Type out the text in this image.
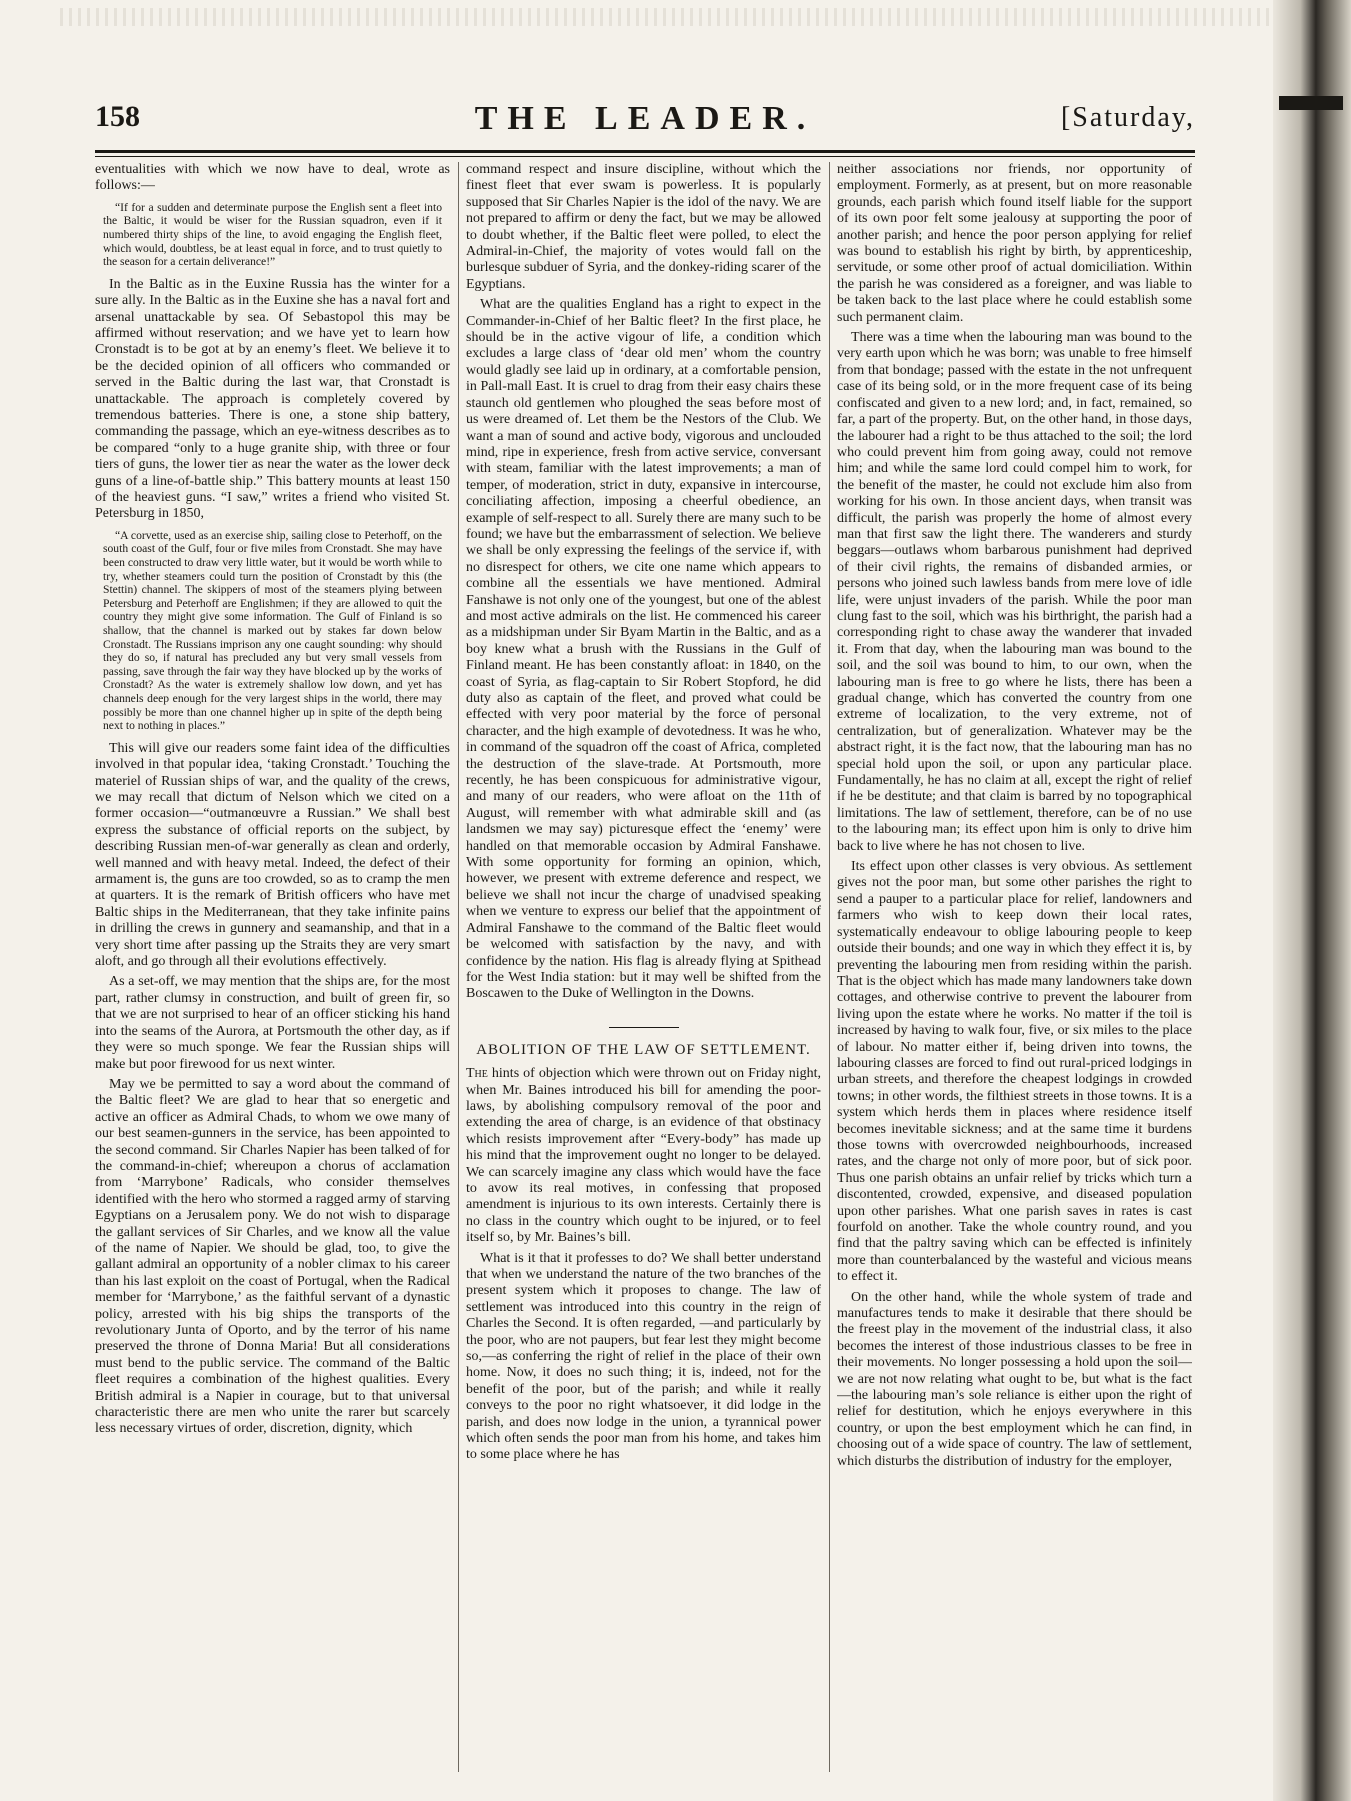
158	THE LEADER.	[Saturday,

eventualities with which we now have to deal, wrote as follows:—

“If for a sudden and determinate purpose the English sent a fleet into the Baltic, it would be wiser for the Russian squadron, even if it numbered thirty ships of the line, to avoid engaging the English fleet, which would, doubtless, be at least equal in force, and to trust quietly to the season for a certain deliverance!”

In the Baltic as in the Euxine Russia has the winter for a sure ally. In the Baltic as in the Euxine she has a naval fort and arsenal unattackable by sea. Of Sebastopol this may be affirmed without reservation; and we have yet to learn how Cronstadt is to be got at by an enemy’s fleet. We believe it to be the decided opinion of all officers who commanded or served in the Baltic during the last war, that Cronstadt is unattackable. The approach is completely covered by tremendous batteries. There is one, a stone ship battery, commanding the passage, which an eye-witness describes as to be compared “only to a huge granite ship, with three or four tiers of guns, the lower tier as near the water as the lower deck guns of a line-of-battle ship.” This battery mounts at least 150 of the heaviest guns. “I saw,” writes a friend who visited St. Petersburg in 1850,

“A corvette, used as an exercise ship, sailing close to Peterhoff, on the south coast of the Gulf, four or five miles from Cronstadt. She may have been constructed to draw very little water, but it would be worth while to try, whether steamers could turn the position of Cronstadt by this (the Stettin) channel. The skippers of most of the steamers plying between Petersburg and Peterhoff are Englishmen; if they are allowed to quit the country they might give some information. The Gulf of Finland is so shallow, that the channel is marked out by stakes far down below Cronstadt. The Russians imprison any one caught sounding: why should they do so, if natural has precluded any but very small vessels from passing, save through the fair way they have blocked up by the works of Cronstadt? As the water is extremely shallow low down, and yet has channels deep enough for the very largest ships in the world, there may possibly be more than one channel higher up in spite of the depth being next to nothing in places.”

This will give our readers some faint idea of the difficulties involved in that popular idea, ‘taking Cronstadt.’ Touching the materiel of Russian ships of war, and the quality of the crews, we may recall that dictum of Nelson which we cited on a former occasion—“outmanœuvre a Russian.” We shall best express the substance of official reports on the subject, by describing Russian men-of-war generally as clean and orderly, well manned and with heavy metal. Indeed, the defect of their armament is, the guns are too crowded, so as to cramp the men at quarters. It is the remark of British officers who have met Baltic ships in the Mediterranean, that they take infinite pains in drilling the crews in gunnery and seamanship, and that in a very short time after passing up the Straits they are very smart aloft, and go through all their evolutions effectively.

As a set-off, we may mention that the ships are, for the most part, rather clumsy in construction, and built of green fir, so that we are not surprised to hear of an officer sticking his hand into the seams of the Aurora, at Portsmouth the other day, as if they were so much sponge. We fear the Russian ships will make but poor firewood for us next winter.

May we be permitted to say a word about the command of the Baltic fleet? We are glad to hear that so energetic and active an officer as Admiral Chads, to whom we owe many of our best seamen-gunners in the service, has been appointed to the second command. Sir Charles Napier has been talked of for the command-in-chief; whereupon a chorus of acclamation from ‘Marrybone’ Radicals, who consider themselves identified with the hero who stormed a ragged army of starving Egyptians on a Jerusalem pony. We do not wish to disparage the gallant services of Sir Charles, and we know all the value of the name of Napier. We should be glad, too, to give the gallant admiral an opportunity of a nobler climax to his career than his last exploit on the coast of Portugal, when the Radical member for ‘Marrybone,’ as the faithful servant of a dynastic policy, arrested with his big ships the transports of the revolutionary Junta of Oporto, and by the terror of his name preserved the throne of Donna Maria! But all considerations must bend to the public service. The command of the Baltic fleet requires a combination of the highest qualities. Every British admiral is a Napier in courage, but to that universal characteristic there are men who unite the rarer but scarcely less necessary virtues of order, discretion, dignity, which

command respect and insure discipline, without which the finest fleet that ever swam is powerless. It is popularly supposed that Sir Charles Napier is the idol of the navy. We are not prepared to affirm or deny the fact, but we may be allowed to doubt whether, if the Baltic fleet were polled, to elect the Admiral-in-Chief, the majority of votes would fall on the burlesque subduer of Syria, and the donkey-riding scarer of the Egyptians.

What are the qualities England has a right to expect in the Commander-in-Chief of her Baltic fleet? In the first place, he should be in the active vigour of life, a condition which excludes a large class of ‘dear old men’ whom the country would gladly see laid up in ordinary, at a comfortable pension, in Pall-mall East. It is cruel to drag from their easy chairs these staunch old gentlemen who ploughed the seas before most of us were dreamed of. Let them be the Nestors of the Club. We want a man of sound and active body, vigorous and unclouded mind, ripe in experience, fresh from active service, conversant with steam, familiar with the latest improvements; a man of temper, of moderation, strict in duty, expansive in intercourse, conciliating affection, imposing a cheerful obedience, an example of self-respect to all. Surely there are many such to be found; we have but the embarrassment of selection. We believe we shall be only expressing the feelings of the service if, with no disrespect for others, we cite one name which appears to combine all the essentials we have mentioned. Admiral Fanshawe is not only one of the youngest, but one of the ablest and most active admirals on the list. He commenced his career as a midshipman under Sir Byam Martin in the Baltic, and as a boy knew what a brush with the Russians in the Gulf of Finland meant. He has been constantly afloat: in 1840, on the coast of Syria, as flag-captain to Sir Robert Stopford, he did duty also as captain of the fleet, and proved what could be effected with very poor material by the force of personal character, and the high example of devotedness. It was he who, in command of the squadron off the coast of Africa, completed the destruction of the slave-trade. At Portsmouth, more recently, he has been conspicuous for administrative vigour, and many of our readers, who were afloat on the 11th of August, will remember with what admirable skill and (as landsmen we may say) picturesque effect the ‘enemy’ were handled on that memorable occasion by Admiral Fanshawe. With some opportunity for forming an opinion, which, however, we present with extreme deference and respect, we believe we shall not incur the charge of unadvised speaking when we venture to express our belief that the appointment of Admiral Fanshawe to the command of the Baltic fleet would be welcomed with satisfaction by the navy, and with confidence by the nation. His flag is already flying at Spithead for the West India station: but it may well be shifted from the Boscawen to the Duke of Wellington in the Downs.

ABOLITION OF THE LAW OF SETTLEMENT.

The hints of objection which were thrown out on Friday night, when Mr. Baines introduced his bill for amending the poor-laws, by abolishing compulsory removal of the poor and extending the area of charge, is an evidence of that obstinacy which resists improvement after “Every-body” has made up his mind that the improvement ought no longer to be delayed. We can scarcely imagine any class which would have the face to avow its real motives, in confessing that proposed amendment is injurious to its own interests. Certainly there is no class in the country which ought to be injured, or to feel itself so, by Mr. Baines’s bill.

What is it that it professes to do? We shall better understand that when we understand the nature of the two branches of the present system which it proposes to change. The law of settlement was introduced into this country in the reign of Charles the Second. It is often regarded, —and particularly by the poor, who are not paupers, but fear lest they might become so,—as conferring the right of relief in the place of their own home. Now, it does no such thing; it is, indeed, not for the benefit of the poor, but of the parish; and while it really conveys to the poor no right whatsoever, it did lodge in the parish, and does now lodge in the union, a tyrannical power which often sends the poor man from his home, and takes him to some place where he has

neither associations nor friends, nor opportunity of employment. Formerly, as at present, but on more reasonable grounds, each parish which found itself liable for the support of its own poor felt some jealousy at supporting the poor of another parish; and hence the poor person applying for relief was bound to establish his right by birth, by apprenticeship, servitude, or some other proof of actual domiciliation. Within the parish he was considered as a foreigner, and was liable to be taken back to the last place where he could establish some such permanent claim.

There was a time when the labouring man was bound to the very earth upon which he was born; was unable to free himself from that bondage; passed with the estate in the not unfrequent case of its being sold, or in the more frequent case of its being confiscated and given to a new lord; and, in fact, remained, so far, a part of the property. But, on the other hand, in those days, the labourer had a right to be thus attached to the soil; the lord who could prevent him from going away, could not remove him; and while the same lord could compel him to work, for the benefit of the master, he could not exclude him also from working for his own. In those ancient days, when transit was difficult, the parish was properly the home of almost every man that first saw the light there. The wanderers and sturdy beggars—outlaws whom barbarous punishment had deprived of their civil rights, the remains of disbanded armies, or persons who joined such lawless bands from mere love of idle life, were unjust invaders of the parish. While the poor man clung fast to the soil, which was his birthright, the parish had a corresponding right to chase away the wanderer that invaded it. From that day, when the labouring man was bound to the soil, and the soil was bound to him, to our own, when the labouring man is free to go where he lists, there has been a gradual change, which has converted the country from one extreme of localization, to the very extreme, not of centralization, but of generalization. Whatever may be the abstract right, it is the fact now, that the labouring man has no special hold upon the soil, or upon any particular place. Fundamentally, he has no claim at all, except the right of relief if he be destitute; and that claim is barred by no topographical limitations. The law of settlement, therefore, can be of no use to the labouring man; its effect upon him is only to drive him back to live where he has not chosen to live.

Its effect upon other classes is very obvious. As settlement gives not the poor man, but some other parishes the right to send a pauper to a particular place for relief, landowners and farmers who wish to keep down their local rates, systematically endeavour to oblige labouring people to keep outside their bounds; and one way in which they effect it is, by preventing the labouring men from residing within the parish. That is the object which has made many landowners take down cottages, and otherwise contrive to prevent the labourer from living upon the estate where he works. No matter if the toil is increased by having to walk four, five, or six miles to the place of labour. No matter either if, being driven into towns, the labouring classes are forced to find out rural-priced lodgings in urban streets, and therefore the cheapest lodgings in crowded towns; in other words, the filthiest streets in those towns. It is a system which herds them in places where residence itself becomes inevitable sickness; and at the same time it burdens those towns with overcrowded neighbourhoods, increased rates, and the charge not only of more poor, but of sick poor. Thus one parish obtains an unfair relief by tricks which turn a discontented, crowded, expensive, and diseased population upon other parishes. What one parish saves in rates is cast fourfold on another. Take the whole country round, and you find that the paltry saving which can be effected is infinitely more than counterbalanced by the wasteful and vicious means to effect it.

On the other hand, while the whole system of trade and manufactures tends to make it desirable that there should be the freest play in the movement of the industrial class, it also becomes the interest of those industrious classes to be free in their movements. No longer possessing a hold upon the soil—we are not now relating what ought to be, but what is the fact—the labouring man’s sole reliance is either upon the right of relief for destitution, which he enjoys everywhere in this country, or upon the best employment which he can find, in choosing out of a wide space of country. The law of settlement, which disturbs the distribution of industry for the employer,
